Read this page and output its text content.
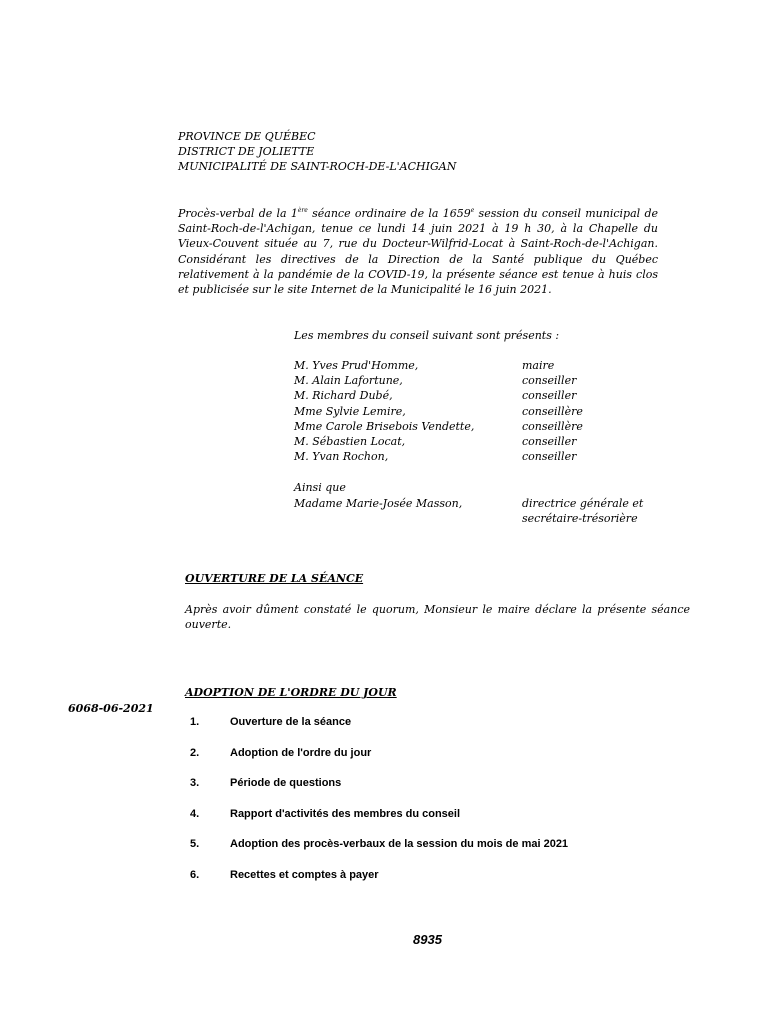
PROVINCE DE QUÉBEC
DISTRICT DE JOLIETTE
MUNICIPALITÉ DE SAINT-ROCH-DE-L'ACHIGAN
Procès-verbal de la 1ère séance ordinaire de la 1659e session du conseil municipal de Saint-Roch-de-l'Achigan, tenue ce lundi 14 juin 2021 à 19 h 30, à la Chapelle du Vieux-Couvent située au 7, rue du Docteur-Wilfrid-Locat à Saint-Roch-de-l'Achigan. Considérant les directives de la Direction de la Santé publique du Québec relativement à la pandémie de la COVID-19, la présente séance est tenue à huis clos et publicisée sur le site Internet de la Municipalité le 16 juin 2021.
Les membres du conseil suivant sont présents :
M. Yves Prud'Homme,	maire
M. Alain Lafortune,	conseiller
M. Richard Dubé,	conseiller
Mme Sylvie Lemire,	conseillère
Mme Carole Brisebois Vendette,	conseillère
M. Sébastien Locat,	conseiller
M. Yvan Rochon,	conseiller
Ainsi que
Madame Marie-Josée Masson,	directrice générale et
secrétaire-trésorière
OUVERTURE DE LA SÉANCE
Après avoir dûment constaté le quorum, Monsieur le maire déclare la présente séance ouverte.
ADOPTION DE L'ORDRE DU JOUR
6068-06-2021
1.	Ouverture de la séance
2.	Adoption de l'ordre du jour
3.	Période de questions
4.	Rapport d'activités des membres du conseil
5.	Adoption des procès-verbaux de la session du mois de mai 2021
6.	Recettes et comptes à payer
8935
